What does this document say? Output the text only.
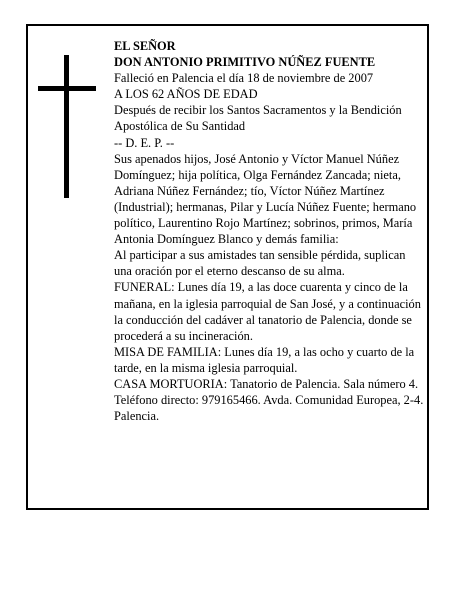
EL SEÑOR

DON ANTONIO PRIMITIVO NÚÑEZ FUENTE

Falleció en Palencia el día 18 de noviembre de 2007

A LOS 62 AÑOS DE EDAD

Después de recibir los Santos Sacramentos y la Bendición Apostólica de Su Santidad

-- D. E. P. --

Sus apenados hijos, José Antonio y Víctor Manuel Núñez Domínguez; hija política, Olga Fernández Zancada; nieta, Adriana Núñez Fernández; tío, Víctor Núñez Martínez (Industrial); hermanas, Pilar y Lucía Núñez Fuente; hermano político, Laurentino Rojo Martínez; sobrinos, primos, María Antonia Domínguez Blanco y demás familia:

Al participar a sus amistades tan sensible pérdida, suplican una oración por el eterno descanso de su alma.

FUNERAL: Lunes día 19, a las doce cuarenta y cinco de la mañana, en la iglesia parroquial de San José, y a continuación la conducción del cadáver al tanatorio de Palencia, donde se procederá a su incineración.

MISA DE FAMILIA: Lunes día 19, a las ocho y cuarto de la tarde, en la misma iglesia parroquial.

CASA MORTUORIA: Tanatorio de Palencia. Sala número 4. Teléfono directo: 979165466. Avda. Comunidad Europea, 2-4. Palencia.
